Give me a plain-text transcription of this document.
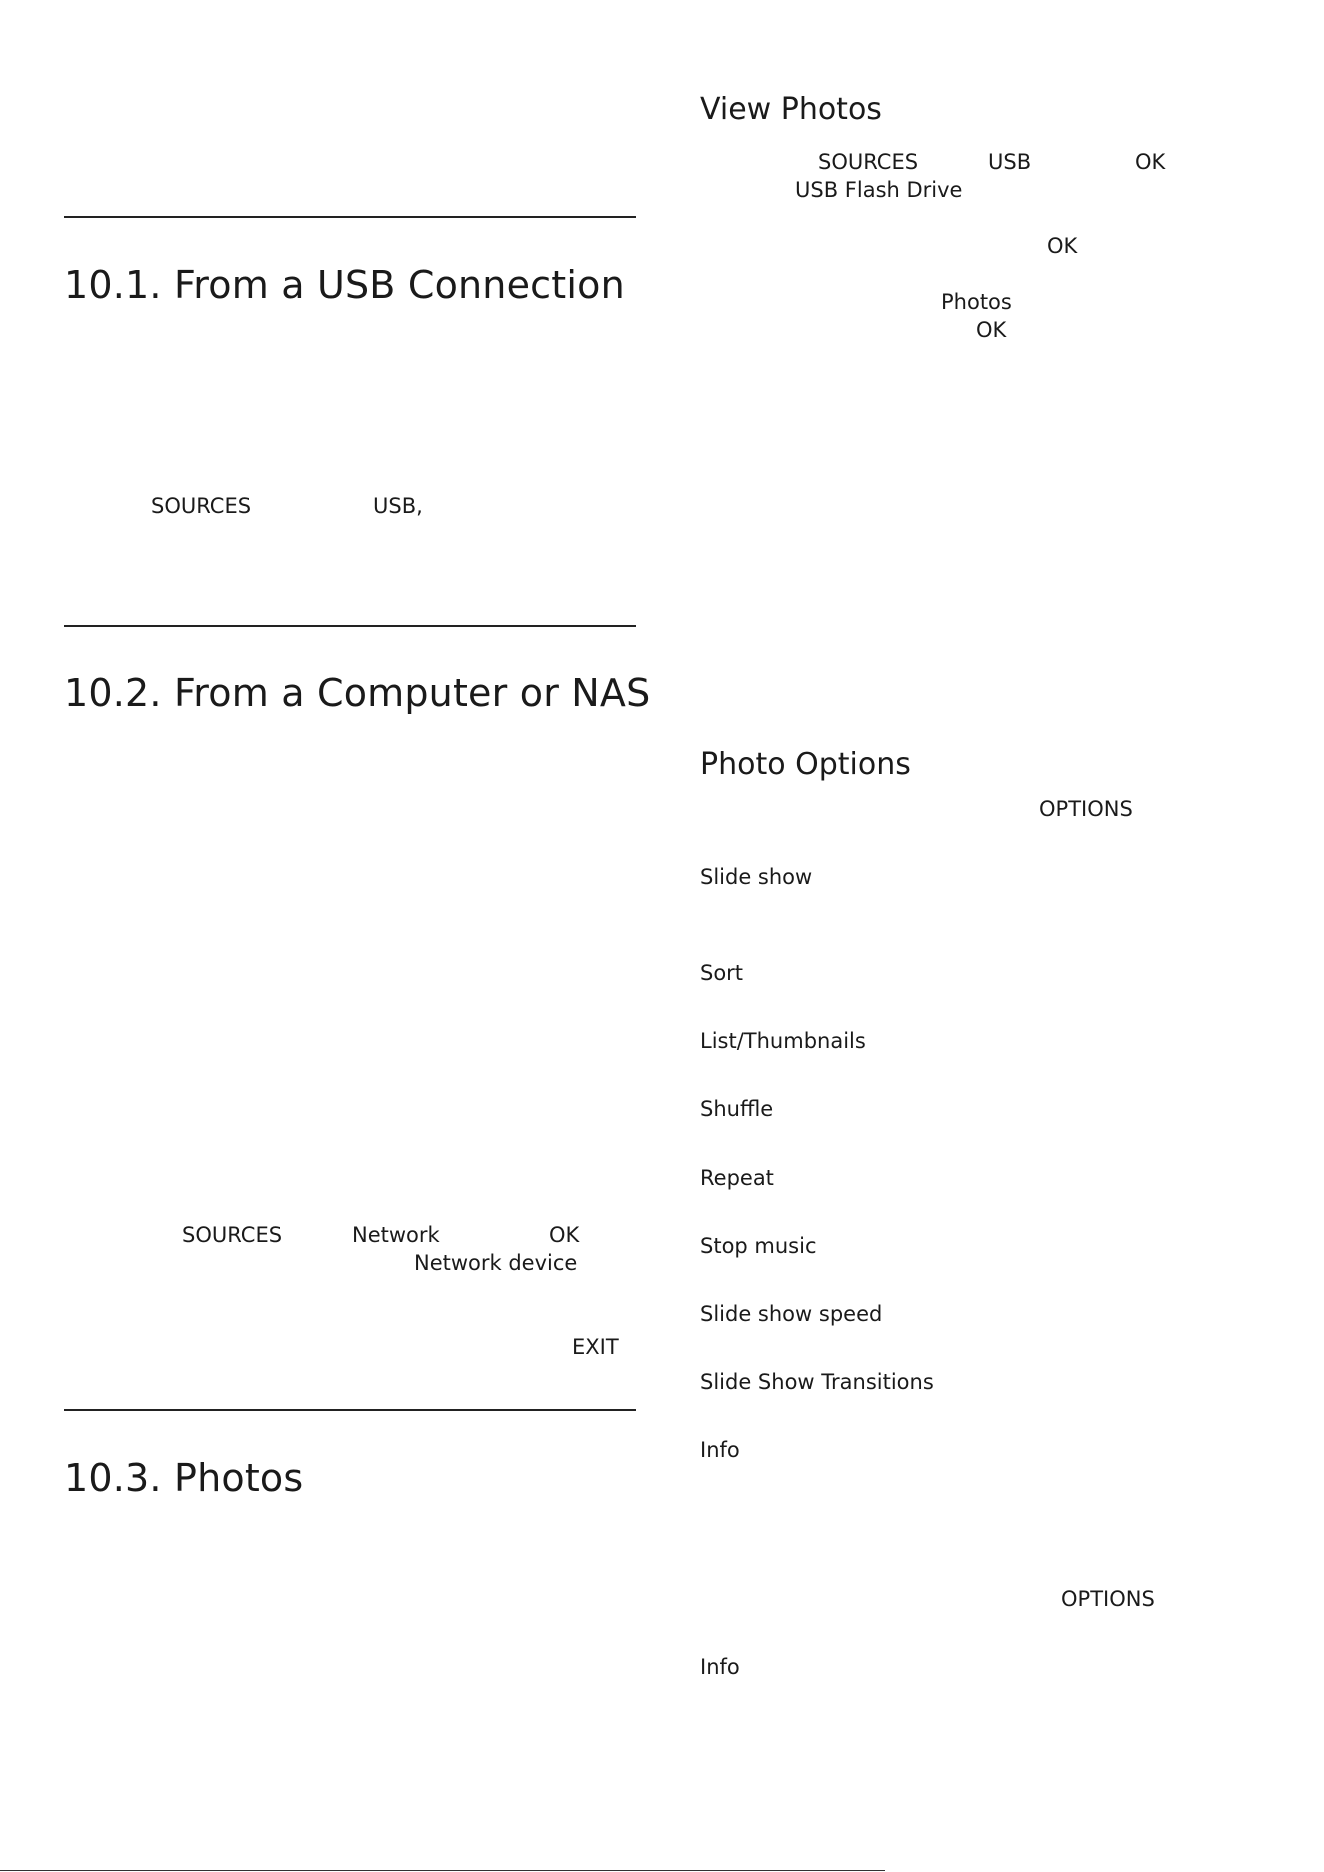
10.1. From a USB Connection
SOURCES	USB,
10.2. From a Computer or NAS
SOURCES	Network	OK
Network device
EXIT
10.3. Photos
View Photos
SOURCES	USB	OK
USB Flash Drive
OK
Photos
OK
Photo Options
OPTIONS
Slide show
Sort
List/Thumbnails
Shuffle
Repeat
Stop music
Slide show speed
Slide Show Transitions
Info
OPTIONS
Info
